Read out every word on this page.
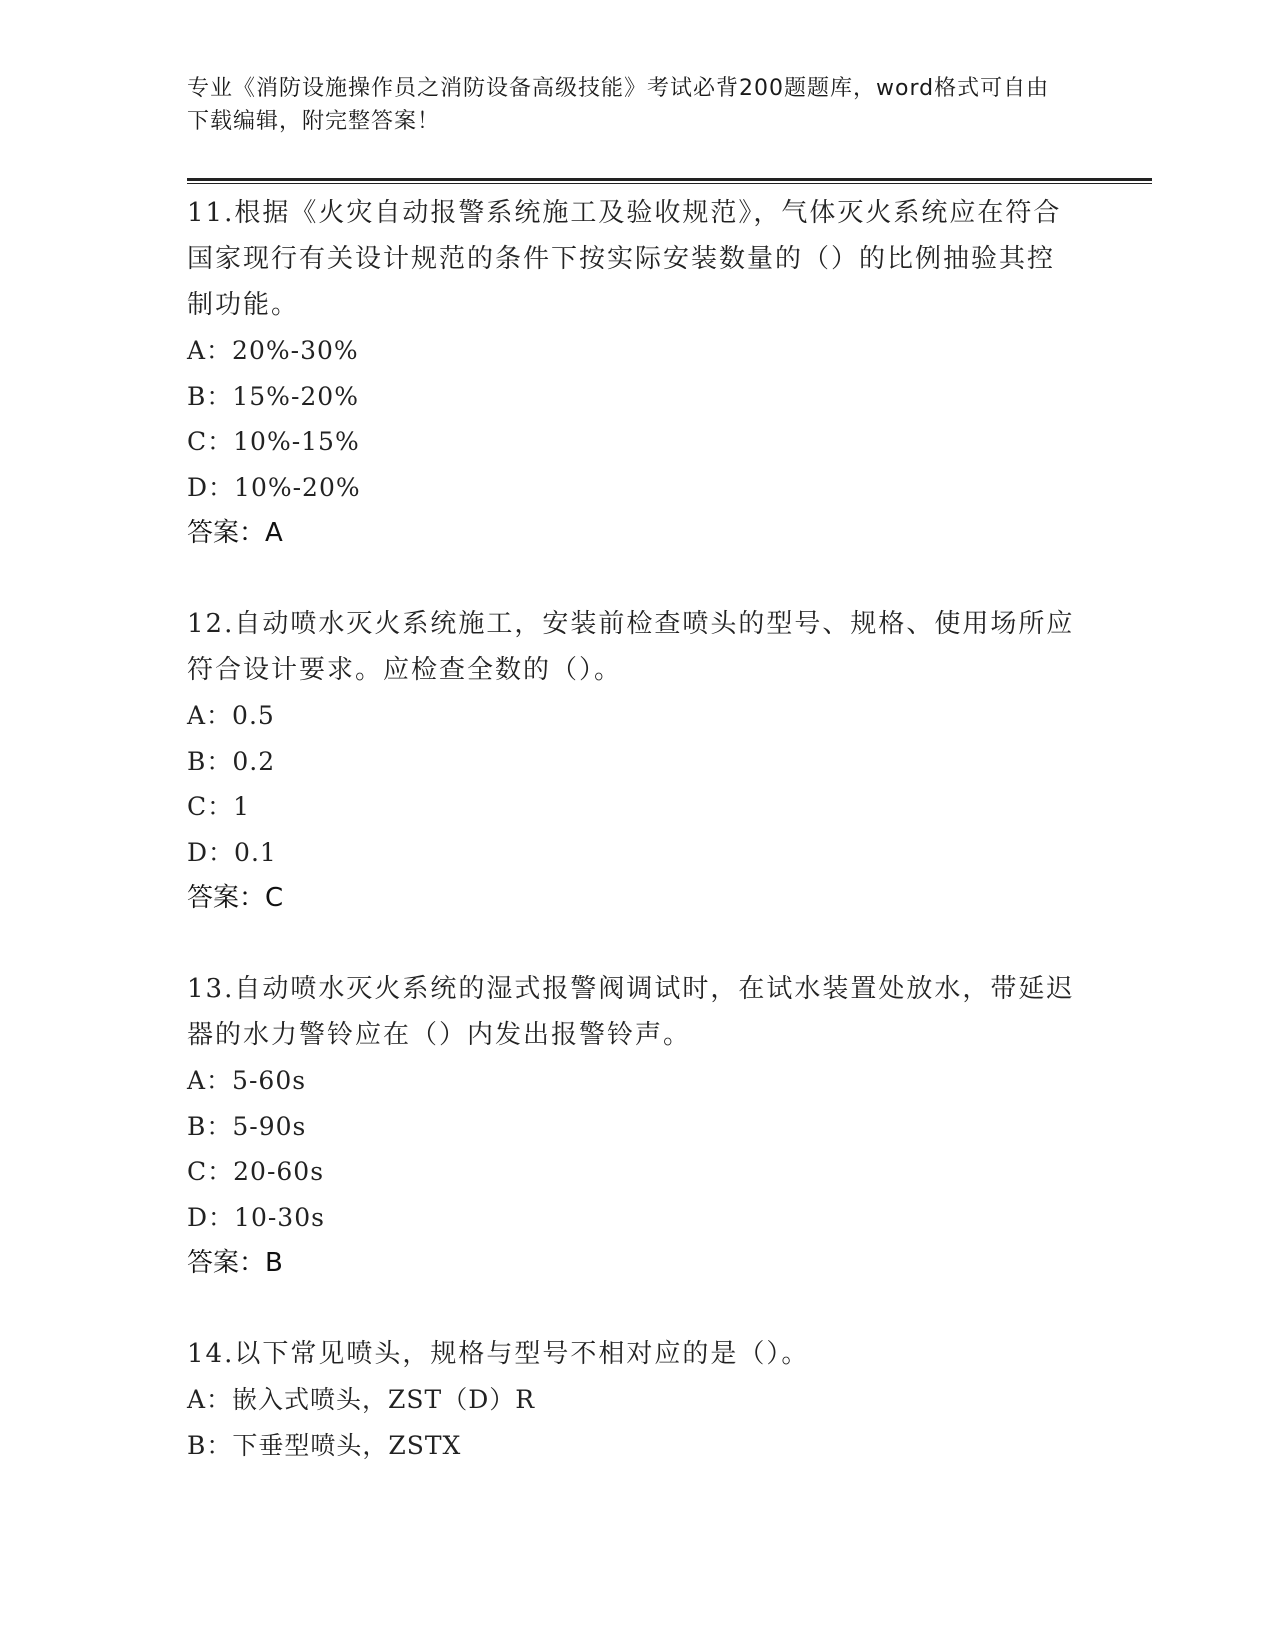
专业《消防设施操作员之消防设备高级技能》考试必背200题题库，word格式可自由下载编辑，附完整答案！
11.根据《火灾自动报警系统施工及验收规范》，气体灭火系统应在符合国家现行有关设计规范的条件下按实际安装数量的（）的比例抽验其控制功能。
A：20%-30%
B：15%-20%
C：10%-15%
D：10%-20%
答案：A
12.自动喷水灭火系统施工，安装前检查喷头的型号、规格、使用场所应符合设计要求。应检查全数的（）。
A：0.5
B：0.2
C：1
D：0.1
答案：C
13.自动喷水灭火系统的湿式报警阀调试时，在试水装置处放水，带延迟器的水力警铃应在（）内发出报警铃声。
A：5-60s
B：5-90s
C：20-60s
D：10-30s
答案：B
14.以下常见喷头，规格与型号不相对应的是（）。
A：嵌入式喷头，ZST（D）R
B：下垂型喷头，ZSTX
